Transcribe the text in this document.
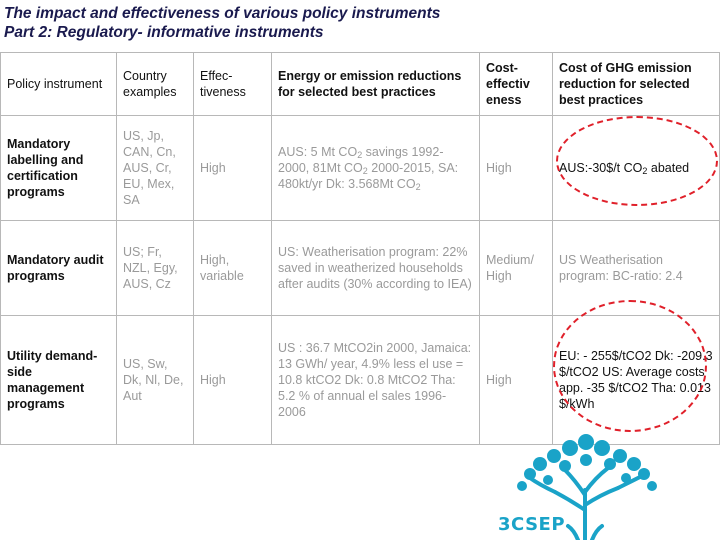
The impact and effectiveness of various policy instruments
Part 2: Regulatory- informative instruments
Policy instrument	Country examples	Effec- tiveness	Energy or emission reductions for selected best practices	Cost- effectiv eness	Cost of GHG emission reduction for selected best practices
Mandatory labelling and certification programs	US, Jp, CAN, Cn, AUS, Cr, EU, Mex, SA	High	AUS: 5 Mt $CO_2$ savings 1992-2000, 81Mt $CO_2$ 2000-2015, SA: 480kt/yr Dk: 3.568Mt $CO_2$	High	AUS:-30$/t $CO_2$ abated
Mandatory audit programs	US; Fr, NZL, Egy, AUS, Cz	High, variable	US: Weatherisation program: 22% saved in weatherized households after audits (30% according to IEA)	Medium/ High	US Weatherisation program: BC-ratio: 2.4
Utility demand-side management programs	US, Sw, Dk, Nl, De, Aut	High	US : 36.7 MtCO2in 2000, Jamaica: 13 GWh/ year, 4.9% less el use = 10.8 ktCO2 Dk: 0.8 MtCO2 Tha: 5.2 % of annual el sales 1996-2006	High	EU: - 255$/tCO2 Dk: -209.3 $/tCO2 US: Average costs app. -35 $/tCO2 Tha: 0.013 $/kWh
3CSEP
